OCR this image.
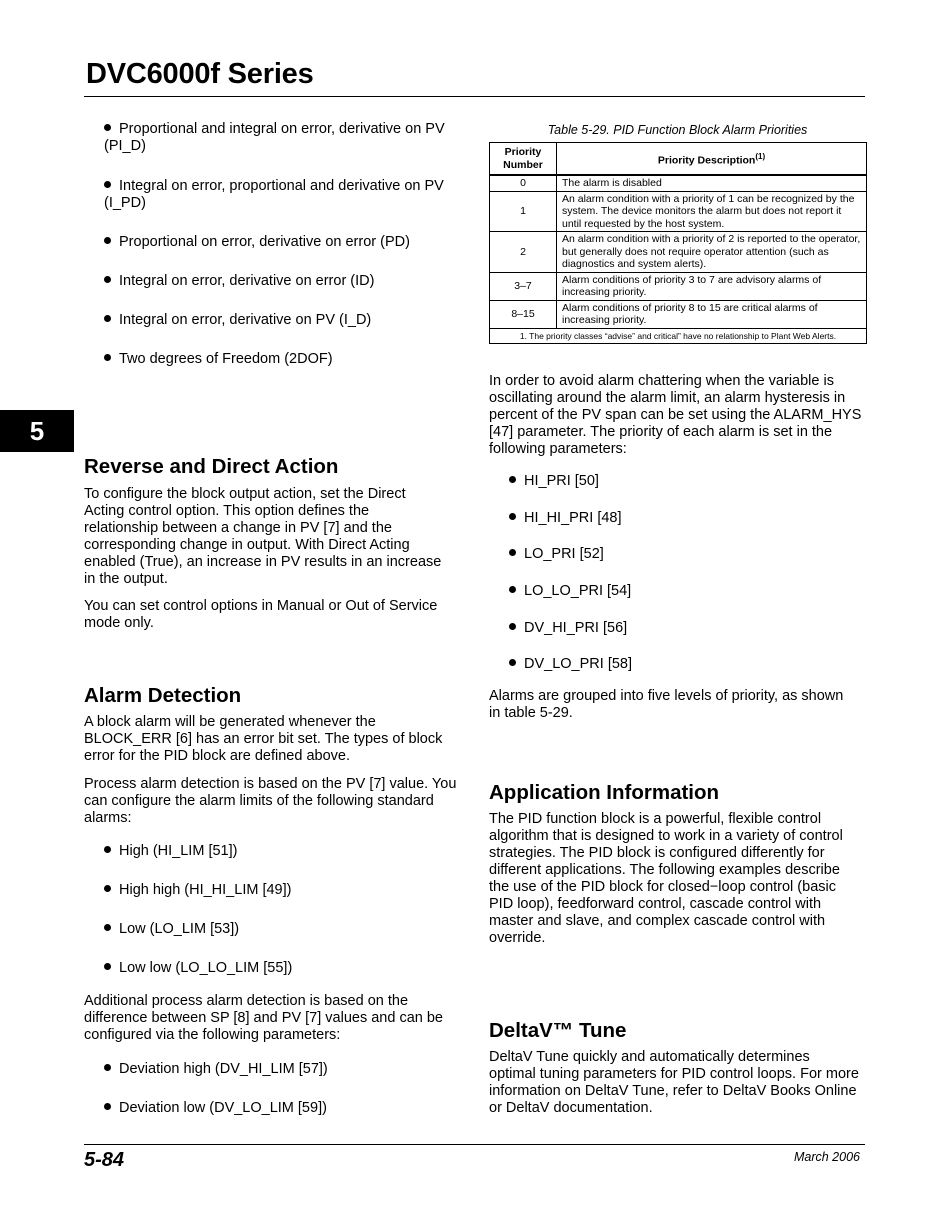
DVC6000f Series
5
Proportional and integral on error, derivative on PV (PI_D)
Integral on error, proportional and derivative on PV (I_PD)
Proportional on error, derivative on error (PD)
Integral on error, derivative on error (ID)
Integral on error, derivative on PV (I_D)
Two degrees of Freedom (2DOF)
Reverse and Direct Action

To configure the block output action, set the Direct Acting control option. This option defines the relationship between a change in PV [7] and the corresponding change in output. With Direct Acting enabled (True), an increase in PV results in an increase in the output.

You can set control options in Manual or Out of Service mode only.

Alarm Detection

A block alarm will be generated whenever the BLOCK_ERR [6] has an error bit set. The types of block error for the PID block are defined above.

Process alarm detection is based on the PV [7] value. You can configure the alarm limits of the following standard alarms:

High (HI_LIM [51])
High high (HI_HI_LIM [49])
Low (LO_LIM [53])
Low low (LO_LO_LIM [55])

Additional process alarm detection is based on the difference between SP [8] and PV [7] values and can be configured via the following parameters:

Deviation high (DV_HI_LIM [57])
Deviation low (DV_LO_LIM [59])
Table 5-29. PID Function Block Alarm Priorities
Priority
Number	Priority Description$^{(1)}$
0	The alarm is disabled
1	An alarm condition with a priority of 1 can be recognized by the system. The device monitors the alarm but does not report it until requested by the host system.
2	An alarm condition with a priority of 2 is reported to the operator, but generally does not require operator attention (such as diagnostics and system alerts).
3–7	Alarm conditions of priority 3 to 7 are advisory alarms of increasing priority.
8–15	Alarm conditions of priority 8 to 15 are critical alarms of increasing priority.
1. The priority classes “advise” and critical” have no relationship to Plant Web Alerts.	

In order to avoid alarm chattering when the variable is oscillating around the alarm limit, an alarm hysteresis in percent of the PV span can be set using the ALARM_HYS [47] parameter. The priority of each alarm is set in the following parameters:

HI_PRI [50]
HI_HI_PRI [48]
LO_PRI [52]
LO_LO_PRI [54]
DV_HI_PRI [56]
DV_LO_PRI [58]

Alarms are grouped into five levels of priority, as shown in table 5-29.

Application Information

The PID function block is a powerful, flexible control algorithm that is designed to work in a variety of control strategies. The PID block is configured differently for different applications. The following examples describe the use of the PID block for closed−loop control (basic PID loop), feedforward control, cascade control with master and slave, and complex cascade control with override.

DeltaV™ Tune

DeltaV Tune quickly and automatically determines optimal tuning parameters for PID control loops. For more information on DeltaV Tune, refer to DeltaV Books Online or DeltaV documentation.

5-84	March 2006
